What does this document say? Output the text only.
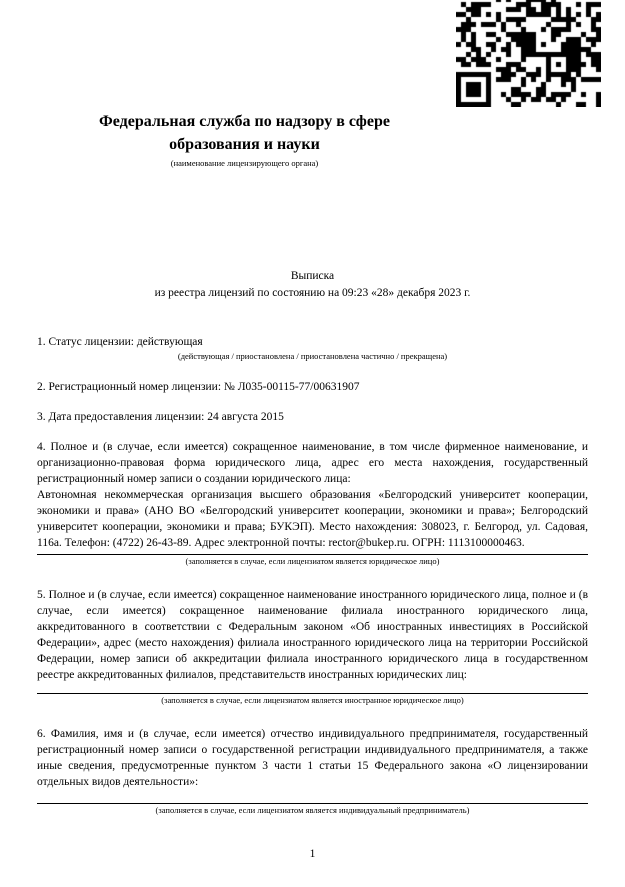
Федеральная служба по надзору в сфере
образования и науки
(наименование лицензирующего органа)
Выписка
из реестра лицензий по состоянию на 09:23 «28» декабря 2023 г.
1. Статус лицензии: действующая
(действующая / приостановлена / приостановлена частично / прекращена)
2. Регистрационный номер лицензии: № Л035-00115-77/00631907
3. Дата предоставления лицензии: 24 августа 2015
4. Полное и (в случае, если имеется) сокращенное наименование, в том числе фирменное наименование, и организационно-правовая форма юридического лица, адрес его места нахождения, государственный регистрационный номер записи о создании юридического лица:
Автономная некоммерческая организация высшего образования «Белгородский университет кооперации, экономики и права» (АНО ВО «Белгородский университет кооперации, экономики и права»; Белгородский университет кооперации, экономики и права; БУКЭП). Место нахождения: 308023, г. Белгород, ул. Садовая, 116а. Телефон: (4722) 26-43-89. Адрес электронной почты: rector@bukep.ru. ОГРН: 1113100000463.
(заполняется в случае, если лицензиатом является юридическое лицо)
5. Полное и (в случае, если имеется) сокращенное наименование иностранного юридического лица, полное и (в случае, если имеется) сокращенное наименование филиала иностранного юридического лица, аккредитованного в соответствии с Федеральным законом «Об иностранных инвестициях в Российской Федерации», адрес (место нахождения) филиала иностранного юридического лица на территории Российской Федерации, номер записи об аккредитации филиала иностранного юридического лица в государственном реестре аккредитованных филиалов, представительств иностранных юридических лиц:
(заполняется в случае, если лицензиатом является иностранное юридическое лицо)
6. Фамилия, имя и (в случае, если имеется) отчество индивидуального предпринимателя, государственный регистрационный номер записи о государственной регистрации индивидуального предпринимателя, а также иные сведения, предусмотренные пунктом 3 части 1 статьи 15 Федерального закона «О лицензировании отдельных видов деятельности»:
(заполняется в случае, если лицензиатом является индивидуальный предприниматель)
1
